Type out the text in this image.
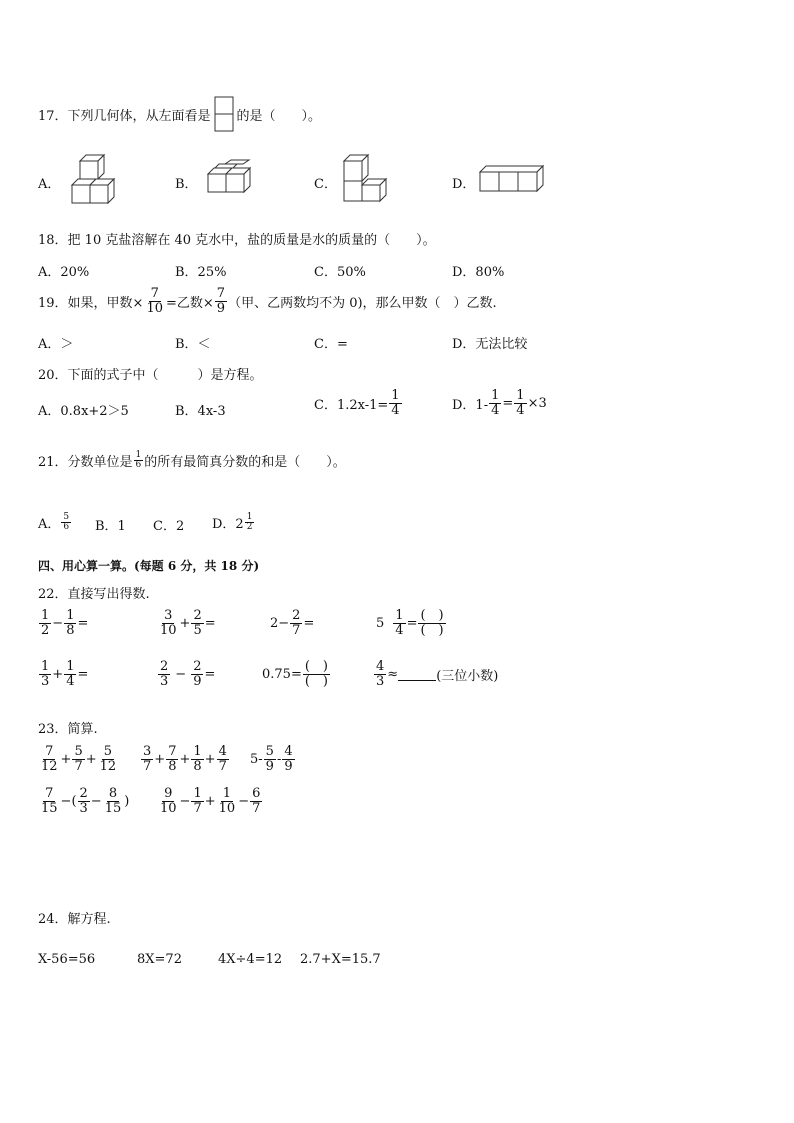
17．下列几何体，从左面看是 的是（　　）。
A．	B．	C．	D．
18．把 10 克盐溶解在 40 克水中，盐的质量是水的质量的（　　）。
A．20%	B．25%	C．50%	D．80%
19．如果，甲数× $\frac{7}{10}$ =乙数× $\frac{7}{9}$ （甲、乙两数均不为 0)，那么甲数（　）乙数.
A．＞	B．＜	C．=	D．无法比较
20．下面的式子中（　　　）是方程。
A．0.8x+2＞5	B．4x-3	C．$1.2x-1= \frac{1}{4}$	D．$1- \frac{1}{4} = \frac{1}{4} \times 3$
21．分数单位是 $\frac{1}{6}$ 的所有最简真分数的和是（　　）。
A． $\frac{5}{6}$ B．1 C．2 D．$2 \frac{1}{2}$
四、用心算一算。(每题 6 分，共 18 分)
22．直接写出得数.
$\frac{1}{2} - \frac{1}{8}$ =	$\frac{3}{10} + \frac{2}{5}$ =	$2- \frac{2}{7}$ =	$5 \frac{1}{4} = \frac{( )}{( )}$
$\frac{1}{3} + \frac{1}{4}$ =	$\frac{2}{3} - \frac{2}{9}$ =	$0.75= \frac{( )}{( )}$	$\frac{4}{3}$ ≈	(三位小数)
23．简算.
$\frac{7}{12} + \frac{5}{7} + \frac{5}{12} \frac{3}{7} + \frac{7}{8} + \frac{1}{8} + \frac{4}{7} 5- \frac{5}{9} - \frac{4}{9}$
$\frac{7}{15}$ −( $\frac{2}{3} - \frac{8}{15}$ ) $\frac{9}{10} - \frac{1}{7} + \frac{1}{10} - \frac{6}{7}$
24．解方程.
X-56=56	8X=72	4X÷4=12 2.7+X=15.7
